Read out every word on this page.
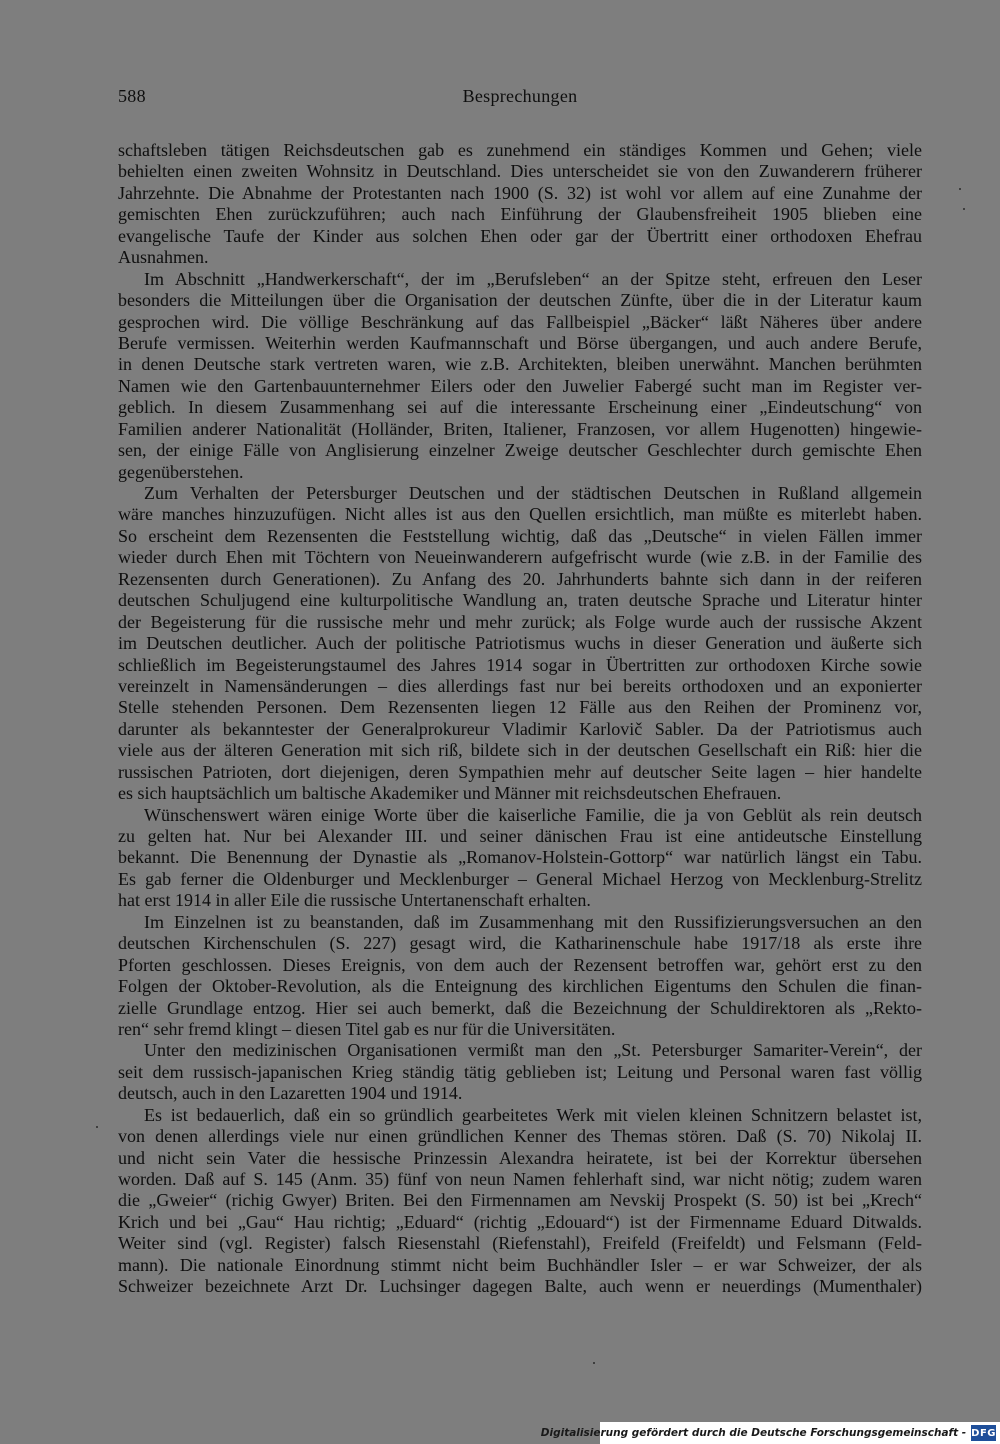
588	Besprechungen
schaftsleben tätigen Reichsdeutschen gab es zunehmend ein ständiges Kommen und Gehen; viele
behielten einen zweiten Wohnsitz in Deutschland. Dies unterscheidet sie von den Zuwanderern früherer
Jahrzehnte. Die Abnahme der Protestanten nach 1900 (S. 32) ist wohl vor allem auf eine Zunahme der
gemischten Ehen zurückzuführen; auch nach Einführung der Glaubensfreiheit 1905 blieben eine
evangelische Taufe der Kinder aus solchen Ehen oder gar der Übertritt einer orthodoxen Ehefrau
Ausnahmen.
Im Abschnitt „Handwerkerschaft“, der im „Berufsleben“ an der Spitze steht, erfreuen den Leser
besonders die Mitteilungen über die Organisation der deutschen Zünfte, über die in der Literatur kaum
gesprochen wird. Die völlige Beschränkung auf das Fallbeispiel „Bäcker“ läßt Näheres über andere
Berufe vermissen. Weiterhin werden Kaufmannschaft und Börse übergangen, und auch andere Berufe,
in denen Deutsche stark vertreten waren, wie z.B. Architekten, bleiben unerwähnt. Manchen berühmten
Namen wie den Gartenbauunternehmer Eilers oder den Juwelier Fabergé sucht man im Register ver-
geblich. In diesem Zusammenhang sei auf die interessante Erscheinung einer „Eindeutschung“ von
Familien anderer Nationalität (Holländer, Briten, Italiener, Franzosen, vor allem Hugenotten) hingewie-
sen, der einige Fälle von Anglisierung einzelner Zweige deutscher Geschlechter durch gemischte Ehen
gegenüberstehen.
Zum Verhalten der Petersburger Deutschen und der städtischen Deutschen in Rußland allgemein
wäre manches hinzuzufügen. Nicht alles ist aus den Quellen ersichtlich, man müßte es miterlebt haben.
So erscheint dem Rezensenten die Feststellung wichtig, daß das „Deutsche“ in vielen Fällen immer
wieder durch Ehen mit Töchtern von Neueinwanderern aufgefrischt wurde (wie z.B. in der Familie des
Rezensenten durch Generationen). Zu Anfang des 20. Jahrhunderts bahnte sich dann in der reiferen
deutschen Schuljugend eine kulturpolitische Wandlung an, traten deutsche Sprache und Literatur hinter
der Begeisterung für die russische mehr und mehr zurück; als Folge wurde auch der russische Akzent
im Deutschen deutlicher. Auch der politische Patriotismus wuchs in dieser Generation und äußerte sich
schließlich im Begeisterungstaumel des Jahres 1914 sogar in Übertritten zur orthodoxen Kirche sowie
vereinzelt in Namensänderungen – dies allerdings fast nur bei bereits orthodoxen und an exponierter
Stelle stehenden Personen. Dem Rezensenten liegen 12 Fälle aus den Reihen der Prominenz vor,
darunter als bekanntester der Generalprokureur Vladimir Karlovič Sabler. Da der Patriotismus auch
viele aus der älteren Generation mit sich riß, bildete sich in der deutschen Gesellschaft ein Riß: hier die
russischen Patrioten, dort diejenigen, deren Sympathien mehr auf deutscher Seite lagen – hier handelte
es sich hauptsächlich um baltische Akademiker und Männer mit reichsdeutschen Ehefrauen.
Wünschenswert wären einige Worte über die kaiserliche Familie, die ja von Geblüt als rein deutsch
zu gelten hat. Nur bei Alexander III. und seiner dänischen Frau ist eine antideutsche Einstellung
bekannt. Die Benennung der Dynastie als „Romanov-Holstein-Gottorp“ war natürlich längst ein Tabu.
Es gab ferner die Oldenburger und Mecklenburger – General Michael Herzog von Mecklenburg-Strelitz
hat erst 1914 in aller Eile die russische Untertanenschaft erhalten.
Im Einzelnen ist zu beanstanden, daß im Zusammenhang mit den Russifizierungsversuchen an den
deutschen Kirchenschulen (S. 227) gesagt wird, die Katharinenschule habe 1917/18 als erste ihre
Pforten geschlossen. Dieses Ereignis, von dem auch der Rezensent betroffen war, gehört erst zu den
Folgen der Oktober-Revolution, als die Enteignung des kirchlichen Eigentums den Schulen die finan-
zielle Grundlage entzog. Hier sei auch bemerkt, daß die Bezeichnung der Schuldirektoren als „Rekto-
ren“ sehr fremd klingt – diesen Titel gab es nur für die Universitäten.
Unter den medizinischen Organisationen vermißt man den „St. Petersburger Samariter-Verein“, der
seit dem russisch-japanischen Krieg ständig tätig geblieben ist; Leitung und Personal waren fast völlig
deutsch, auch in den Lazaretten 1904 und 1914.
Es ist bedauerlich, daß ein so gründlich gearbeitetes Werk mit vielen kleinen Schnitzern belastet ist,
von denen allerdings viele nur einen gründlichen Kenner des Themas stören. Daß (S. 70) Nikolaj II.
und nicht sein Vater die hessische Prinzessin Alexandra heiratete, ist bei der Korrektur übersehen
worden. Daß auf S. 145 (Anm. 35) fünf von neun Namen fehlerhaft sind, war nicht nötig; zudem waren
die „Gweier“ (richig Gwyer) Briten. Bei den Firmennamen am Nevskij Prospekt (S. 50) ist bei „Krech“
Krich und bei „Gau“ Hau richtig; „Eduard“ (richtig „Edouard“) ist der Firmenname Eduard Ditwalds.
Weiter sind (vgl. Register) falsch Riesenstahl (Riefenstahl), Freifeld (Freifeldt) und Felsmann (Feld-
mann). Die nationale Einordnung stimmt nicht beim Buchhändler Isler – er war Schweizer, der als
Schweizer bezeichnete Arzt Dr. Luchsinger dagegen Balte, auch wenn er neuerdings (Mumenthaler)
Digitalisierung gefördert durch die Deutsche Forschungsgemeinschaft - DFG
